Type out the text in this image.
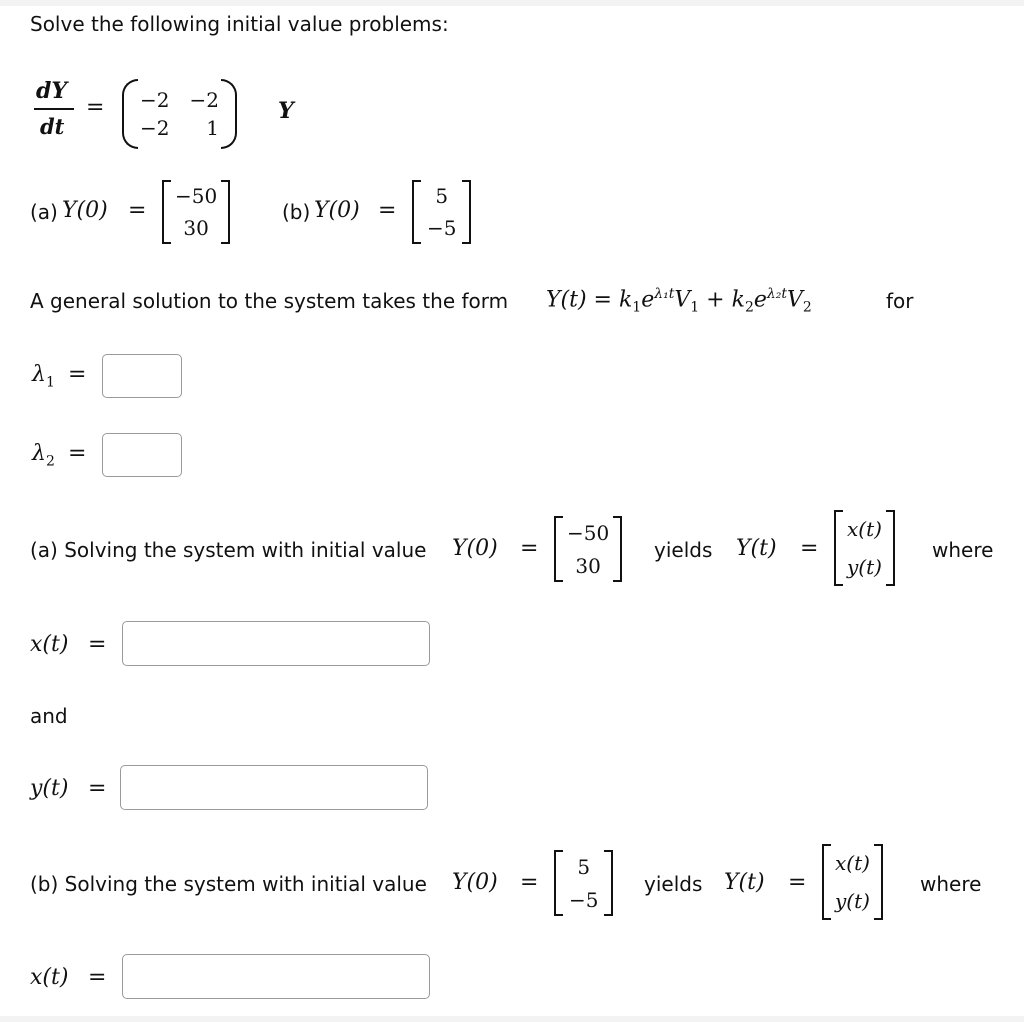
Solve the following initial value problems:
dY
dt
= −2 −2
−2	1
Y
(a) Y(0) =
−50
30
(b) Y(0) =
5
−5
A general solution to the system takes the form $Y(t) = k_1e^{\lambda_1t}V_1 + k_2e^{\lambda_2t}V_2$	for
$\lambda_1$ =
$\lambda_2$ =
(a) Solving the system with initial value Y(0) =
−50
30
yields Y(t) =
x(t)
y(t)
where
x(t) =
and
y(t) =
(b) Solving the system with initial value Y(0) =
5
−5
yields Y(t) =
x(t)
y(t)
where
x(t) =
